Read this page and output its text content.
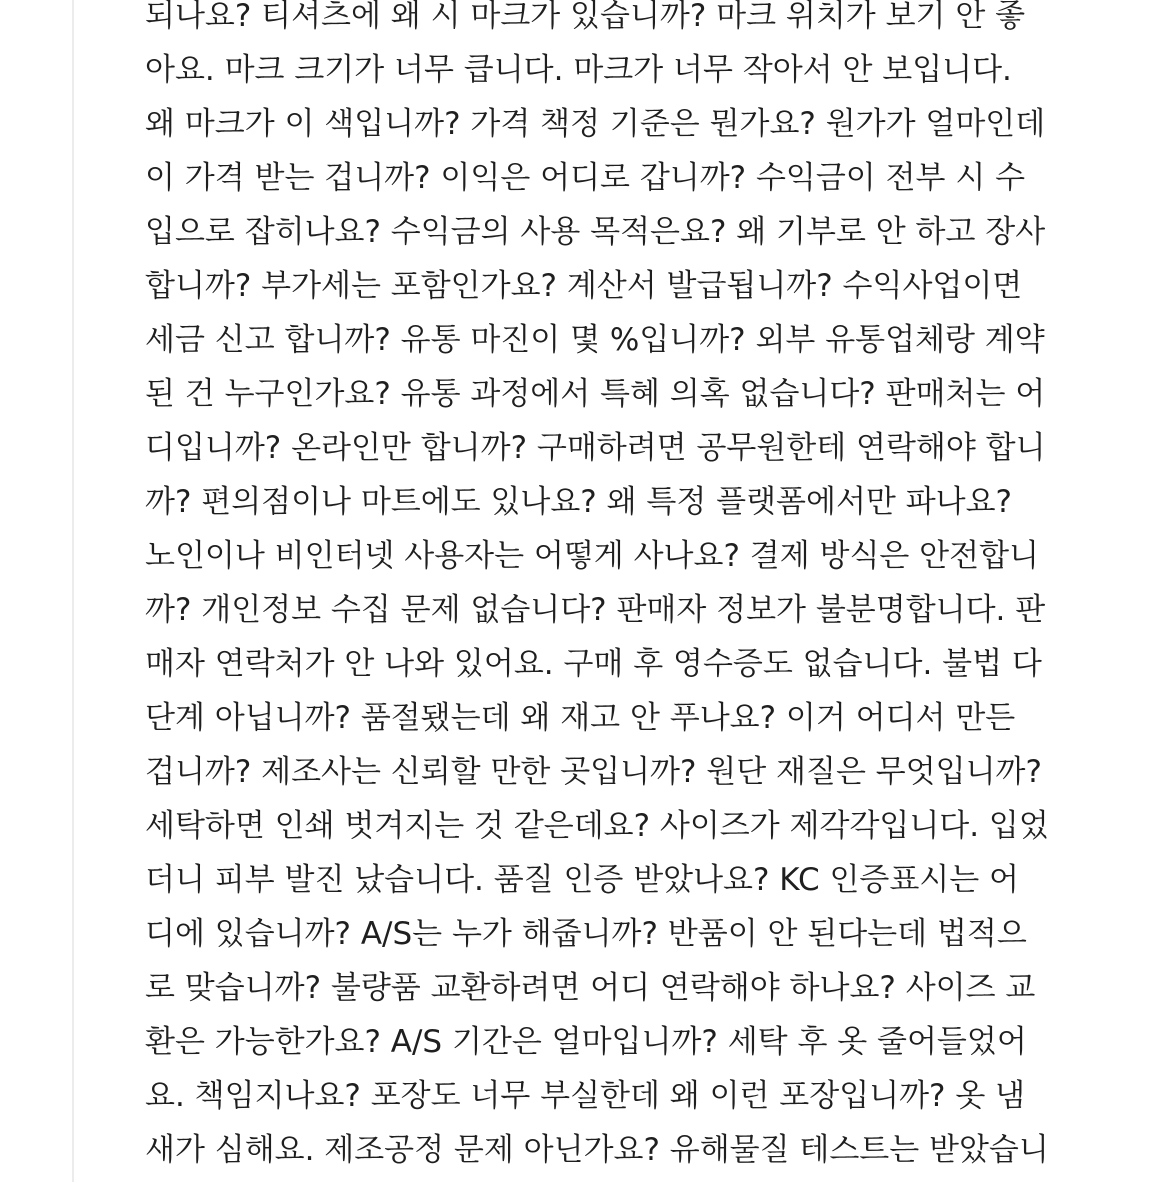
되나요? 티셔츠에 왜 시 마크가 있습니까? 마크 위치가 보기 안 좋
아요. 마크 크기가 너무 큽니다. 마크가 너무 작아서 안 보입니다.
왜 마크가 이 색입니까? 가격 책정 기준은 뭔가요? 원가가 얼마인데
이 가격 받는 겁니까? 이익은 어디로 갑니까? 수익금이 전부 시 수
입으로 잡히나요? 수익금의 사용 목적은요? 왜 기부로 안 하고 장사
합니까? 부가세는 포함인가요? 계산서 발급됩니까? 수익사업이면
세금 신고 합니까? 유통 마진이 몇 %입니까? 외부 유통업체랑 계약
된 건 누구인가요? 유통 과정에서 특혜 의혹 없습니다? 판매처는 어
디입니까? 온라인만 합니까? 구매하려면 공무원한테 연락해야 합니
까? 편의점이나 마트에도 있나요? 왜 특정 플랫폼에서만 파나요?
노인이나 비인터넷 사용자는 어떻게 사나요? 결제 방식은 안전합니
까? 개인정보 수집 문제 없습니다? 판매자 정보가 불분명합니다. 판
매자 연락처가 안 나와 있어요. 구매 후 영수증도 없습니다. 불법 다
단계 아닙니까? 품절됐는데 왜 재고 안 푸나요? 이거 어디서 만든
겁니까? 제조사는 신뢰할 만한 곳입니까? 원단 재질은 무엇입니까?
세탁하면 인쇄 벗겨지는 것 같은데요? 사이즈가 제각각입니다. 입었
더니 피부 발진 났습니다. 품질 인증 받았나요? KC 인증표시는 어
디에 있습니까? A/S는 누가 해줍니까? 반품이 안 된다는데 법적으
로 맞습니까? 불량품 교환하려면 어디 연락해야 하나요? 사이즈 교
환은 가능한가요? A/S 기간은 얼마입니까? 세탁 후 옷 줄어들었어
요. 책임지나요? 포장도 너무 부실한데 왜 이런 포장입니까? 옷 냄
새가 심해요. 제조공정 문제 아닌가요? 유해물질 테스트는 받았습니
